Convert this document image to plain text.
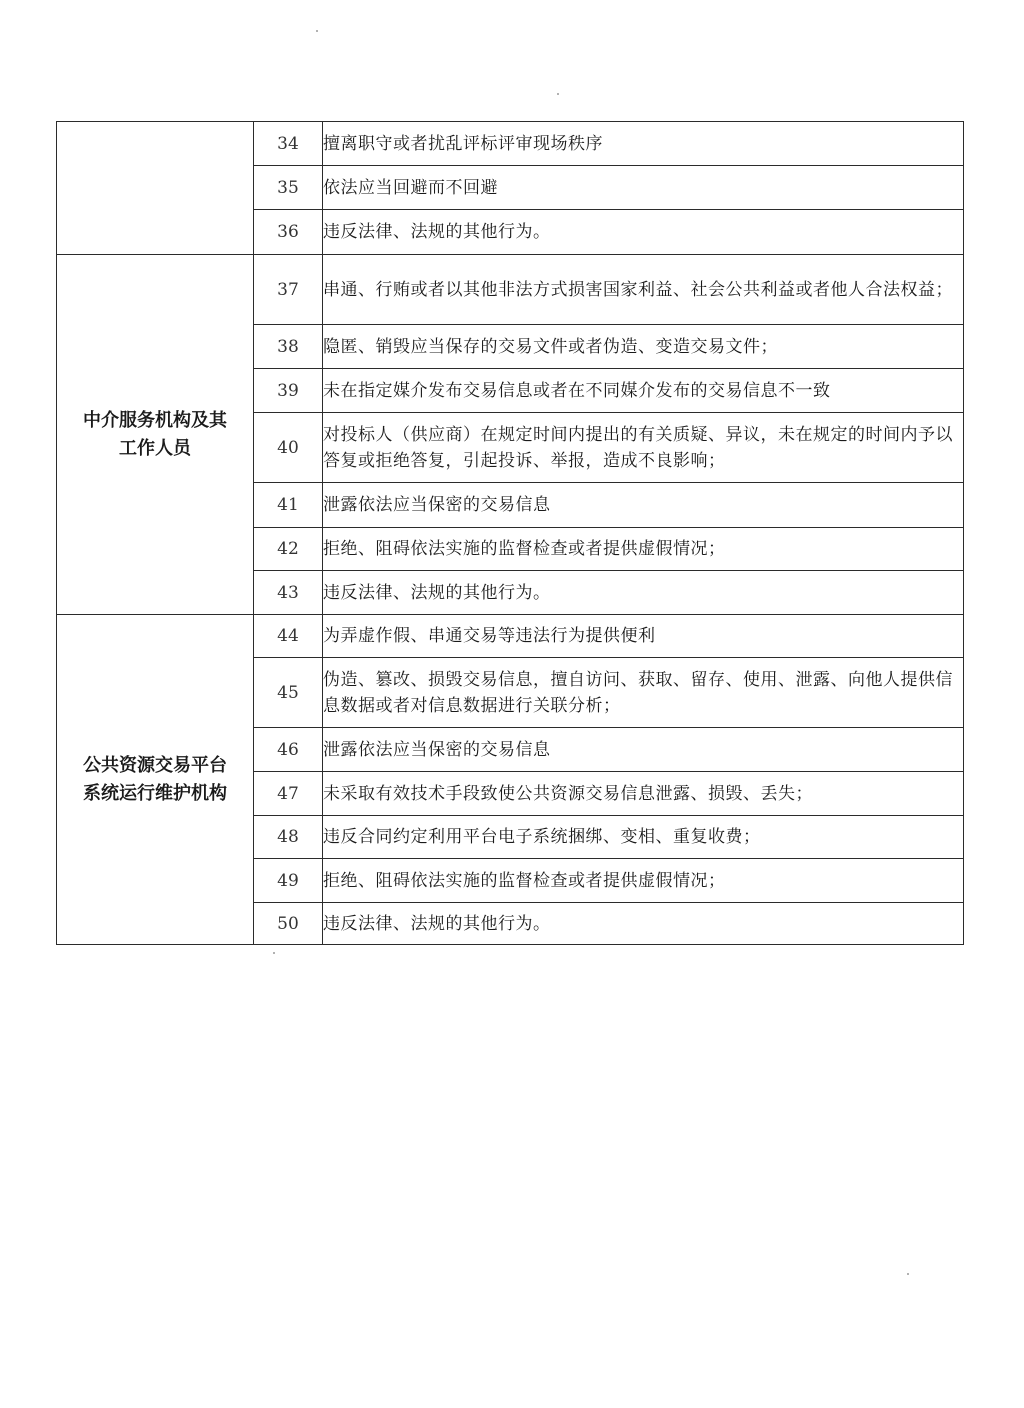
	34	擅离职守或者扰乱评标评审现场秩序
	35	依法应当回避而不回避
	36	违反法律、法规的其他行为。

中介服务机构及其
工作人员	37	串通、行贿或者以其他非法方式损害国家利益、社会公共利益或者他人合法权益；
	38	隐匿、销毁应当保存的交易文件或者伪造、变造交易文件；
	39	未在指定媒介发布交易信息或者在不同媒介发布的交易信息不一致
	40	对投标人（供应商）在规定时间内提出的有关质疑、异议，未在规定的时间内予以答复或拒绝答复，引起投诉、举报，造成不良影响；
	41	泄露依法应当保密的交易信息
	42	拒绝、阻碍依法实施的监督检查或者提供虚假情况；
	43	违反法律、法规的其他行为。

公共资源交易平台
系统运行维护机构	44	为弄虚作假、串通交易等违法行为提供便利
	45	伪造、篡改、损毁交易信息，擅自访问、获取、留存、使用、泄露、向他人提供信息数据或者对信息数据进行关联分析；
	46	泄露依法应当保密的交易信息
	47	未采取有效技术手段致使公共资源交易信息泄露、损毁、丢失；
	48	违反合同约定利用平台电子系统捆绑、变相、重复收费；
	49	拒绝、阻碍依法实施的监督检查或者提供虚假情况；
	50	违反法律、法规的其他行为。
